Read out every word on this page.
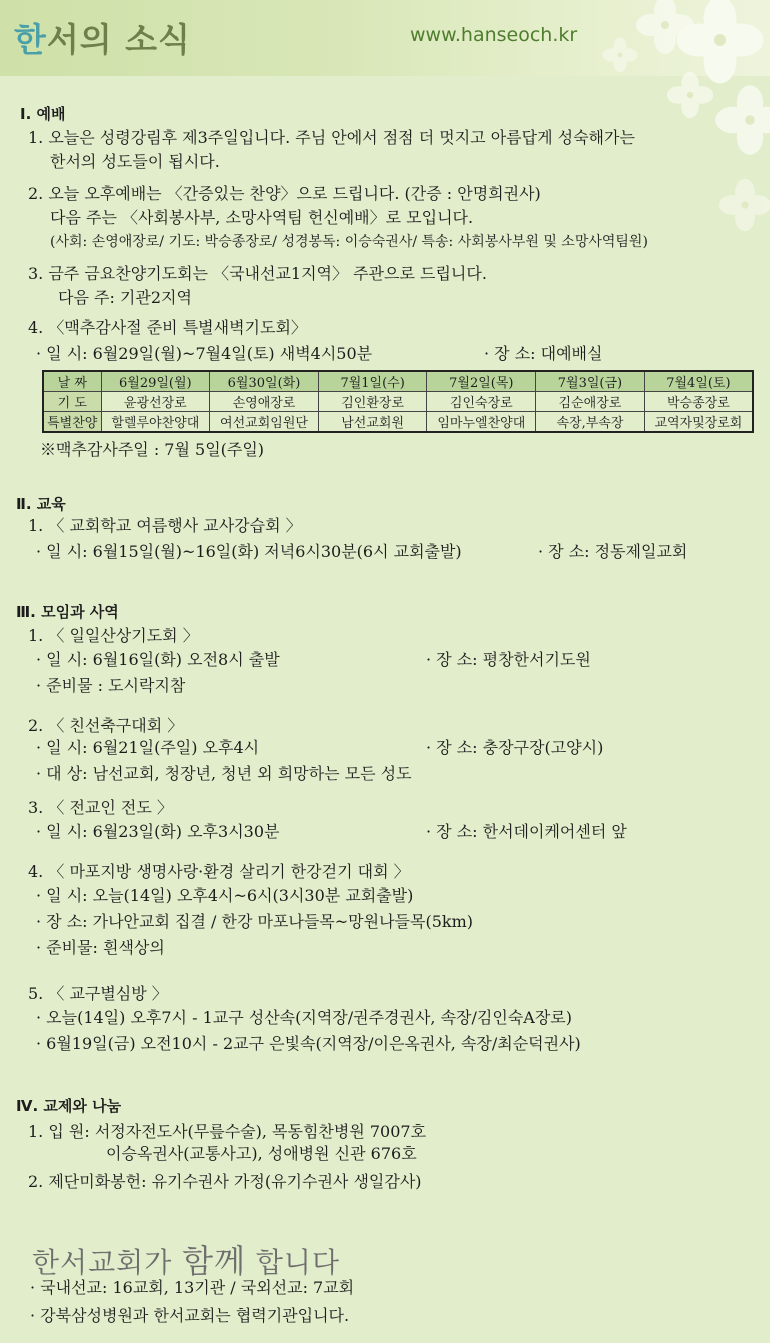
한서의 소식	www.hanseoch.kr
Ⅰ. 예배
1. 오늘은 성령강림후 제3주일입니다. 주님 안에서 점점 더 멋지고 아름답게 성숙해가는
한서의 성도들이 됩시다.
2. 오늘 오후예배는 〈간증있는 찬양〉으로 드립니다. (간증 : 안명희권사)
다음 주는 〈사회봉사부, 소망사역팀 헌신예배〉로 모입니다.
(사회: 손영애장로/ 기도: 박승종장로/ 성경봉독: 이승숙권사/ 특송: 사회봉사부원 및 소망사역팀원)
3. 금주 금요찬양기도회는 〈국내선교1지역〉 주관으로 드립니다.
다음 주: 기관2지역
4. 〈맥추감사절 준비 특별새벽기도회〉
· 일 시: 6월29일(월)~7월4일(토) 새벽4시50분	· 장 소: 대예배실
날 짜	6월29일(월)	6월30일(화)	7월1일(수)	7월2일(목)	7월3일(금)	7월4일(토)
기 도	윤광선장로	손영애장로	김인환장로	김인숙장로	김순애장로	박승종장로
특별찬양	할렐루야찬양대	여선교회임원단	남선교회원	임마누엘찬양대	속장,부속장	교역자및장로회
※맥추감사주일 : 7월 5일(주일)
Ⅱ. 교육
1. 〈 교회학교 여름행사 교사강습회 〉
· 일 시: 6월15일(월)~16일(화) 저녁6시30분(6시 교회출발)	· 장 소: 정동제일교회
Ⅲ. 모임과 사역
1. 〈 일일산상기도회 〉
· 일 시: 6월16일(화) 오전8시 출발	· 장 소: 평창한서기도원
· 준비물 : 도시락지참
2. 〈 친선축구대회 〉
· 일 시: 6월21일(주일) 오후4시	· 장 소: 충장구장(고양시)
· 대 상: 남선교회, 청장년, 청년 외 희망하는 모든 성도
3. 〈 전교인 전도 〉
· 일 시: 6월23일(화) 오후3시30분	· 장 소: 한서데이케어센터 앞
4. 〈 마포지방 생명사랑·환경 살리기 한강걷기 대회 〉
· 일 시: 오늘(14일) 오후4시~6시(3시30분 교회출발)
· 장 소: 가나안교회 집결 / 한강 마포나들목~망원나들목(5km)
· 준비물: 흰색상의
5. 〈 교구별심방 〉
· 오늘(14일) 오후7시 - 1교구 성산속(지역장/권주경권사, 속장/김인숙A장로)
· 6월19일(금) 오전10시 - 2교구 은빛속(지역장/이은옥권사, 속장/최순덕권사)
Ⅳ. 교제와 나눔
1. 입 원: 서정자전도사(무릎수술), 목동힘찬병원 7007호
이승옥권사(교통사고), 성애병원 신관 676호
2. 제단미화봉헌: 유기수권사 가정(유기수권사 생일감사)
한서교회가 함께 합니다
· 국내선교: 16교회, 13기관 / 국외선교: 7교회
· 강북삼성병원과 한서교회는 협력기관입니다.
